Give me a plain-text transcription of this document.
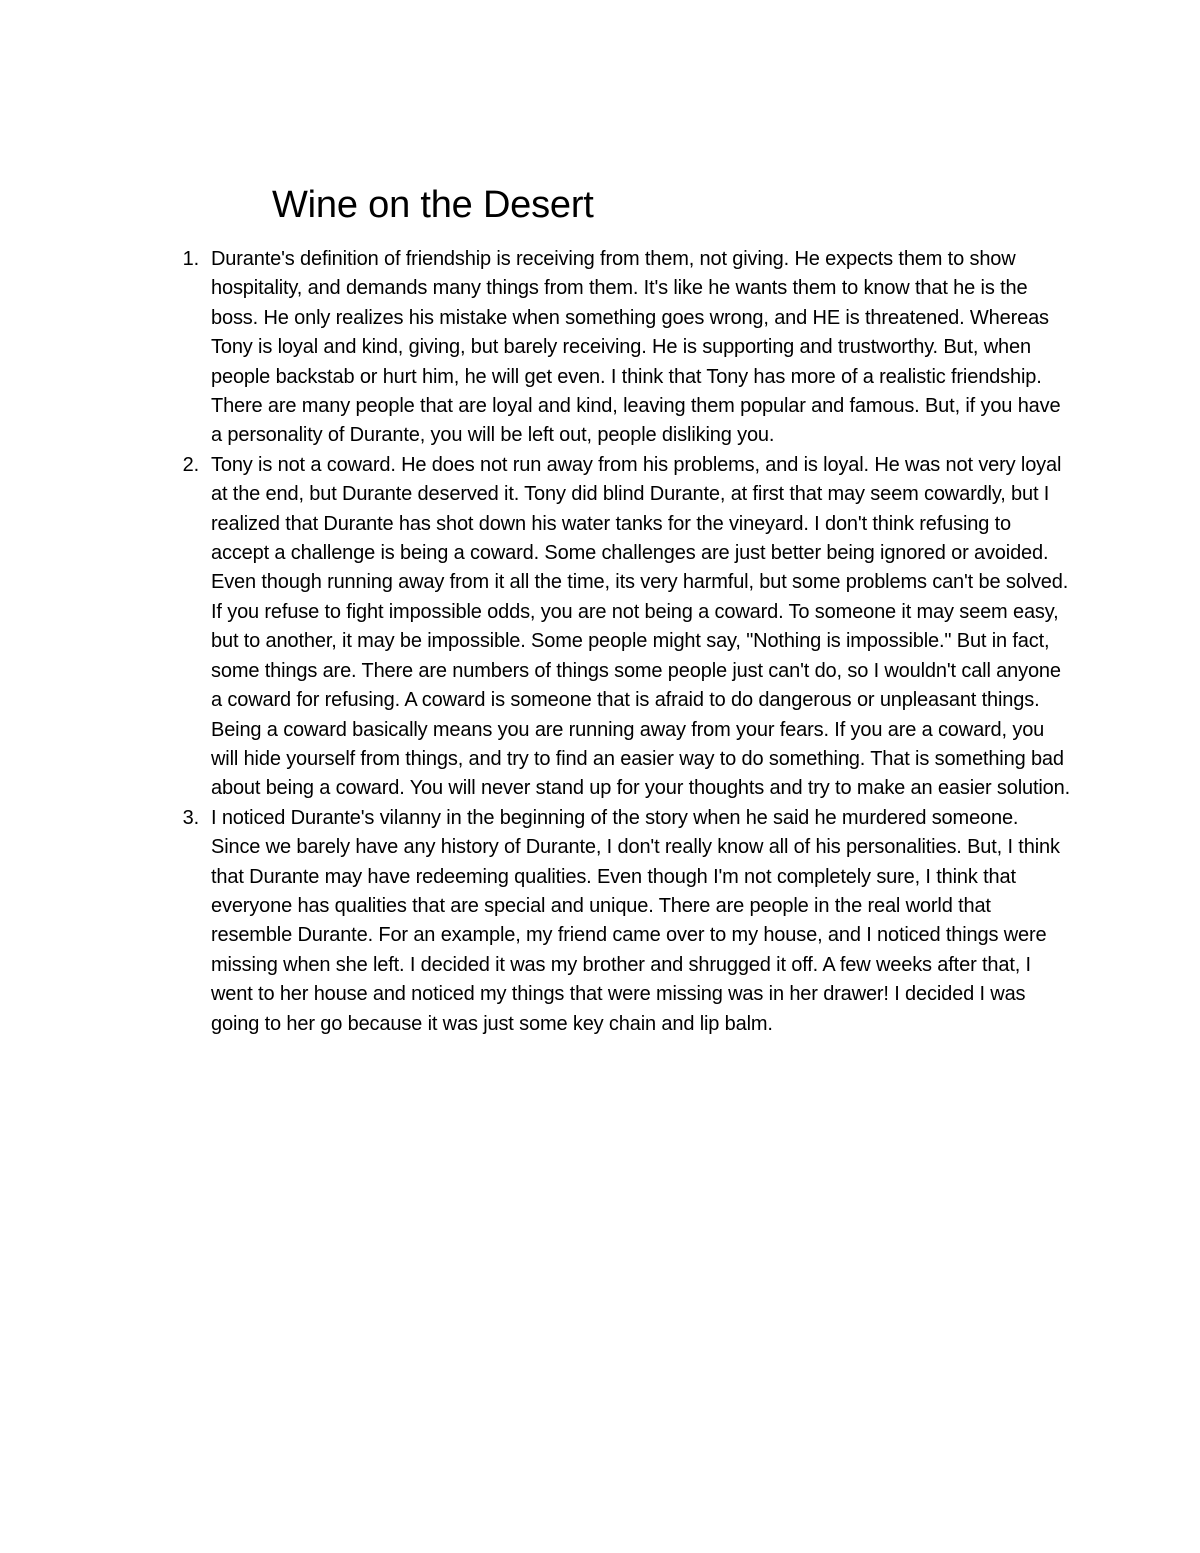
Wine on the Desert
1. Durante's definition of friendship is receiving from them, not giving. He expects them to show hospitality, and demands many things from them. It's like he wants them to know that he is the boss. He only realizes his mistake when something goes wrong, and HE is threatened. Whereas Tony is loyal and kind, giving, but barely receiving. He is supporting and trustworthy. But, when people backstab or hurt him, he will get even. I think that Tony has more of a realistic friendship. There are many people that are loyal and kind, leaving them popular and famous. But, if you have a personality of Durante, you will be left out, people disliking you.
2. Tony is not a coward. He does not run away from his problems, and is loyal. He was not very loyal at the end, but Durante deserved it. Tony did blind Durante, at first that may seem cowardly, but I realized that Durante has shot down his water tanks for the vineyard. I don't think refusing to accept a challenge is being a coward. Some challenges are just better being ignored or avoided. Even though running away from it all the time, its very harmful, but some problems can't be solved. If you refuse to fight impossible odds, you are not being a coward. To someone it may seem easy, but to another, it may be impossible. Some people might say, "Nothing is impossible." But in fact, some things are. There are numbers of things some people just can't do, so I wouldn't call anyone a coward for refusing. A coward is someone that is afraid to do dangerous or unpleasant things. Being a coward basically means you are running away from your fears. If you are a coward, you will hide yourself from things, and try to find an easier way to do something. That is something bad about being a coward. You will never stand up for your thoughts and try to make an easier solution.
3. I noticed Durante's vilanny in the beginning of the story when he said he murdered someone. Since we barely have any history of Durante, I don't really know all of his personalities. But, I think that Durante may have redeeming qualities. Even though I'm not completely sure, I think that everyone has qualities that are special and unique. There are people in the real world that resemble Durante. For an example, my friend came over to my house, and I noticed things were missing when she left. I decided it was my brother and shrugged it off. A few weeks after that, I went to her house and noticed my things that were missing was in her drawer! I decided I was going to her go because it was just some key chain and lip balm.
